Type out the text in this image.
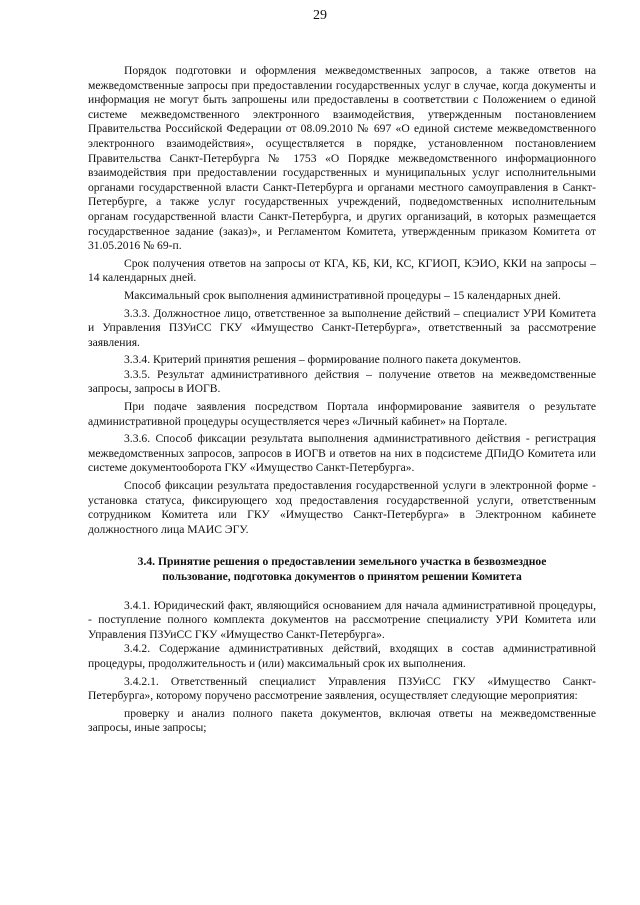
29

Порядок подготовки и оформления межведомственных запросов, а также ответов на межведомственные запросы при предоставлении государственных услуг в случае, когда документы и информация не могут быть запрошены или предоставлены в соответствии с Положением о единой системе межведомственного электронного взаимодействия, утвержденным постановлением Правительства Российской Федерации от 08.09.2010 № 697 «О единой системе межведомственного электронного взаимодействия», осуществляется в порядке, установленном постановлением Правительства Санкт-Петербурга № 1753 «О Порядке межведомственного информационного взаимодействия при предоставлении государственных и муниципальных услуг исполнительными органами государственной власти Санкт-Петербурга и органами местного самоуправления в Санкт-Петербурге, а также услуг государственных учреждений, подведомственных исполнительным органам государственной власти Санкт-Петербурга, и других организаций, в которых размещается государственное задание (заказ)», и Регламентом Комитета, утвержденным приказом Комитета от 31.05.2016 № 69-п.

Срок получения ответов на запросы от КГА, КБ, КИ, КС, КГИОП, КЭИО, ККИ на запросы – 14 календарных дней.

Максимальный срок выполнения административной процедуры – 15 календарных дней.

3.3.3. Должностное лицо, ответственное за выполнение действий – специалист УРИ Комитета и Управления ПЗУиСС ГКУ «Имущество Санкт-Петербурга», ответственный за рассмотрение заявления.

3.3.4. Критерий принятия решения – формирование полного пакета документов.

3.3.5. Результат административного действия – получение ответов на межведомственные запросы, запросы в ИОГВ.

При подаче заявления посредством Портала информирование заявителя о результате административной процедуры осуществляется через «Личный кабинет» на Портале.

3.3.6. Способ фиксации результата выполнения административного действия - регистрация межведомственных запросов, запросов в ИОГВ и ответов на них в подсистеме ДПиДО Комитета или системе документооборота ГКУ «Имущество Санкт-Петербурга».

Способ фиксации результата предоставления государственной услуги в электронной форме - установка статуса, фиксирующего ход предоставления государственной услуги, ответственным сотрудником Комитета или ГКУ «Имущество Санкт-Петербурга» в Электронном кабинете должностного лица МАИС ЭГУ.

3.4. Принятие решения о предоставлении земельного участка в безвозмездное пользование, подготовка документов о принятом решении Комитета

3.4.1. Юридический факт, являющийся основанием для начала административной процедуры, - поступление полного комплекта документов на рассмотрение специалисту УРИ Комитета или Управления ПЗУиСС ГКУ «Имущество Санкт-Петербурга».

3.4.2. Содержание административных действий, входящих в состав административной процедуры, продолжительность и (или) максимальный срок их выполнения.

3.4.2.1. Ответственный специалист Управления ПЗУиСС ГКУ «Имущество Санкт-Петербурга», которому поручено рассмотрение заявления, осуществляет следующие мероприятия:

проверку и анализ полного пакета документов, включая ответы на межведомственные запросы, иные запросы;
